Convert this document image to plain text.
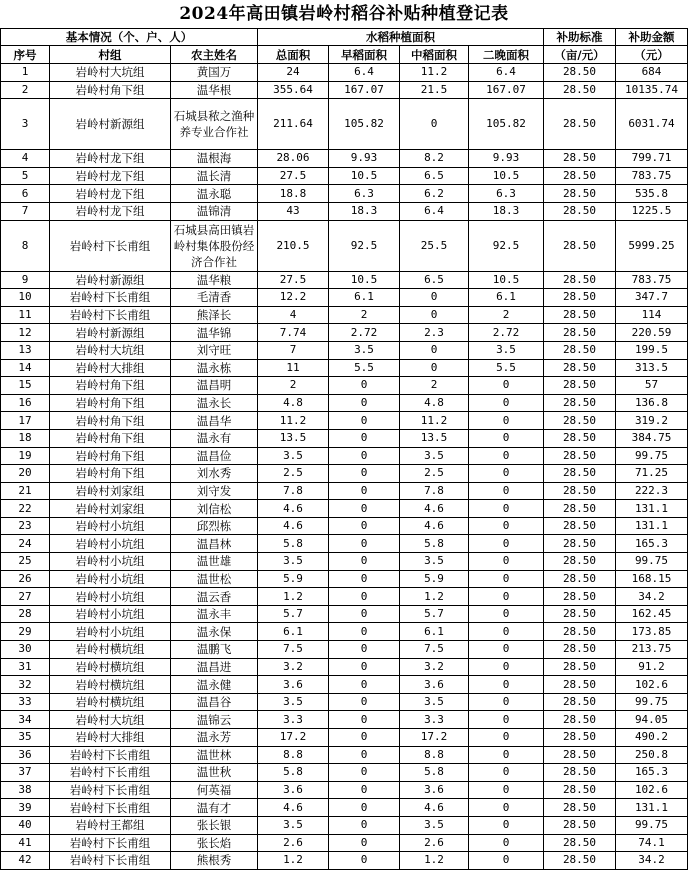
2024年高田镇岩岭村稻谷补贴种植登记表
基本情况（个、户、人）			水稻种植面积				补助标准	补助金额
序号	村组	农主姓名	总面积	早稻面积	中稻面积	二晚面积	（亩/元）	（元）
1	岩岭村大坑组	黄国万	24	6.4	11.2	6.4	28.50	684
2	岩岭村角下组	温华根	355.64	167.07	21.5	167.07	28.50	10135.74
3	岩岭村新源组	石城县秾之渔种养专业合作社	211.64	105.82	0	105.82	28.50	6031.74
4	岩岭村龙下组	温根海	28.06	9.93	8.2	9.93	28.50	799.71
5	岩岭村龙下组	温长清	27.5	10.5	6.5	10.5	28.50	783.75
6	岩岭村龙下组	温永聪	18.8	6.3	6.2	6.3	28.50	535.8
7	岩岭村龙下组	温锦清	43	18.3	6.4	18.3	28.50	1225.5
8	岩岭村下长甫组	石城县高田镇岩岭村集体股份经济合作社	210.5	92.5	25.5	92.5	28.50	5999.25
9	岩岭村新源组	温华粮	27.5	10.5	6.5	10.5	28.50	783.75
10	岩岭村下长甫组	毛清香	12.2	6.1	0	6.1	28.50	347.7
11	岩岭村下长甫组	熊泽长	4	2	0	2	28.50	114
12	岩岭村新源组	温华锦	7.74	2.72	2.3	2.72	28.50	220.59
13	岩岭村大坑组	刘守旺	7	3.5	0	3.5	28.50	199.5
14	岩岭村大排组	温永栋	11	5.5	0	5.5	28.50	313.5
15	岩岭村角下组	温昌明	2	0	2	0	28.50	57
16	岩岭村角下组	温永长	4.8	0	4.8	0	28.50	136.8
17	岩岭村角下组	温昌华	11.2	0	11.2	0	28.50	319.2
18	岩岭村角下组	温永有	13.5	0	13.5	0	28.50	384.75
19	岩岭村角下组	温昌俭	3.5	0	3.5	0	28.50	99.75
20	岩岭村角下组	刘水秀	2.5	0	2.5	0	28.50	71.25
21	岩岭村刘家组	刘守发	7.8	0	7.8	0	28.50	222.3
22	岩岭村刘家组	刘信松	4.6	0	4.6	0	28.50	131.1
23	岩岭村小坑组	邱烈栋	4.6	0	4.6	0	28.50	131.1
24	岩岭村小坑组	温昌林	5.8	0	5.8	0	28.50	165.3
25	岩岭村小坑组	温世雄	3.5	0	3.5	0	28.50	99.75
26	岩岭村小坑组	温世松	5.9	0	5.9	0	28.50	168.15
27	岩岭村小坑组	温云香	1.2	0	1.2	0	28.50	34.2
28	岩岭村小坑组	温永丰	5.7	0	5.7	0	28.50	162.45
29	岩岭村小坑组	温永保	6.1	0	6.1	0	28.50	173.85
30	岩岭村横坑组	温鹏飞	7.5	0	7.5	0	28.50	213.75
31	岩岭村横坑组	温昌进	3.2	0	3.2	0	28.50	91.2
32	岩岭村横坑组	温永健	3.6	0	3.6	0	28.50	102.6
33	岩岭村横坑组	温昌谷	3.5	0	3.5	0	28.50	99.75
34	岩岭村大坑组	温锦云	3.3	0	3.3	0	28.50	94.05
35	岩岭村大排组	温永芳	17.2	0	17.2	0	28.50	490.2
36	岩岭村下长甫组	温世林	8.8	0	8.8	0	28.50	250.8
37	岩岭村下长甫组	温世秋	5.8	0	5.8	0	28.50	165.3
38	岩岭村下长甫组	何英福	3.6	0	3.6	0	28.50	102.6
39	岩岭村下长甫组	温有才	4.6	0	4.6	0	28.50	131.1
40	岩岭村王都组	张长银	3.5	0	3.5	0	28.50	99.75
41	岩岭村下长甫组	张长焰	2.6	0	2.6	0	28.50	74.1
42	岩岭村下长甫组	熊根秀	1.2	0	1.2	0	28.50	34.2
